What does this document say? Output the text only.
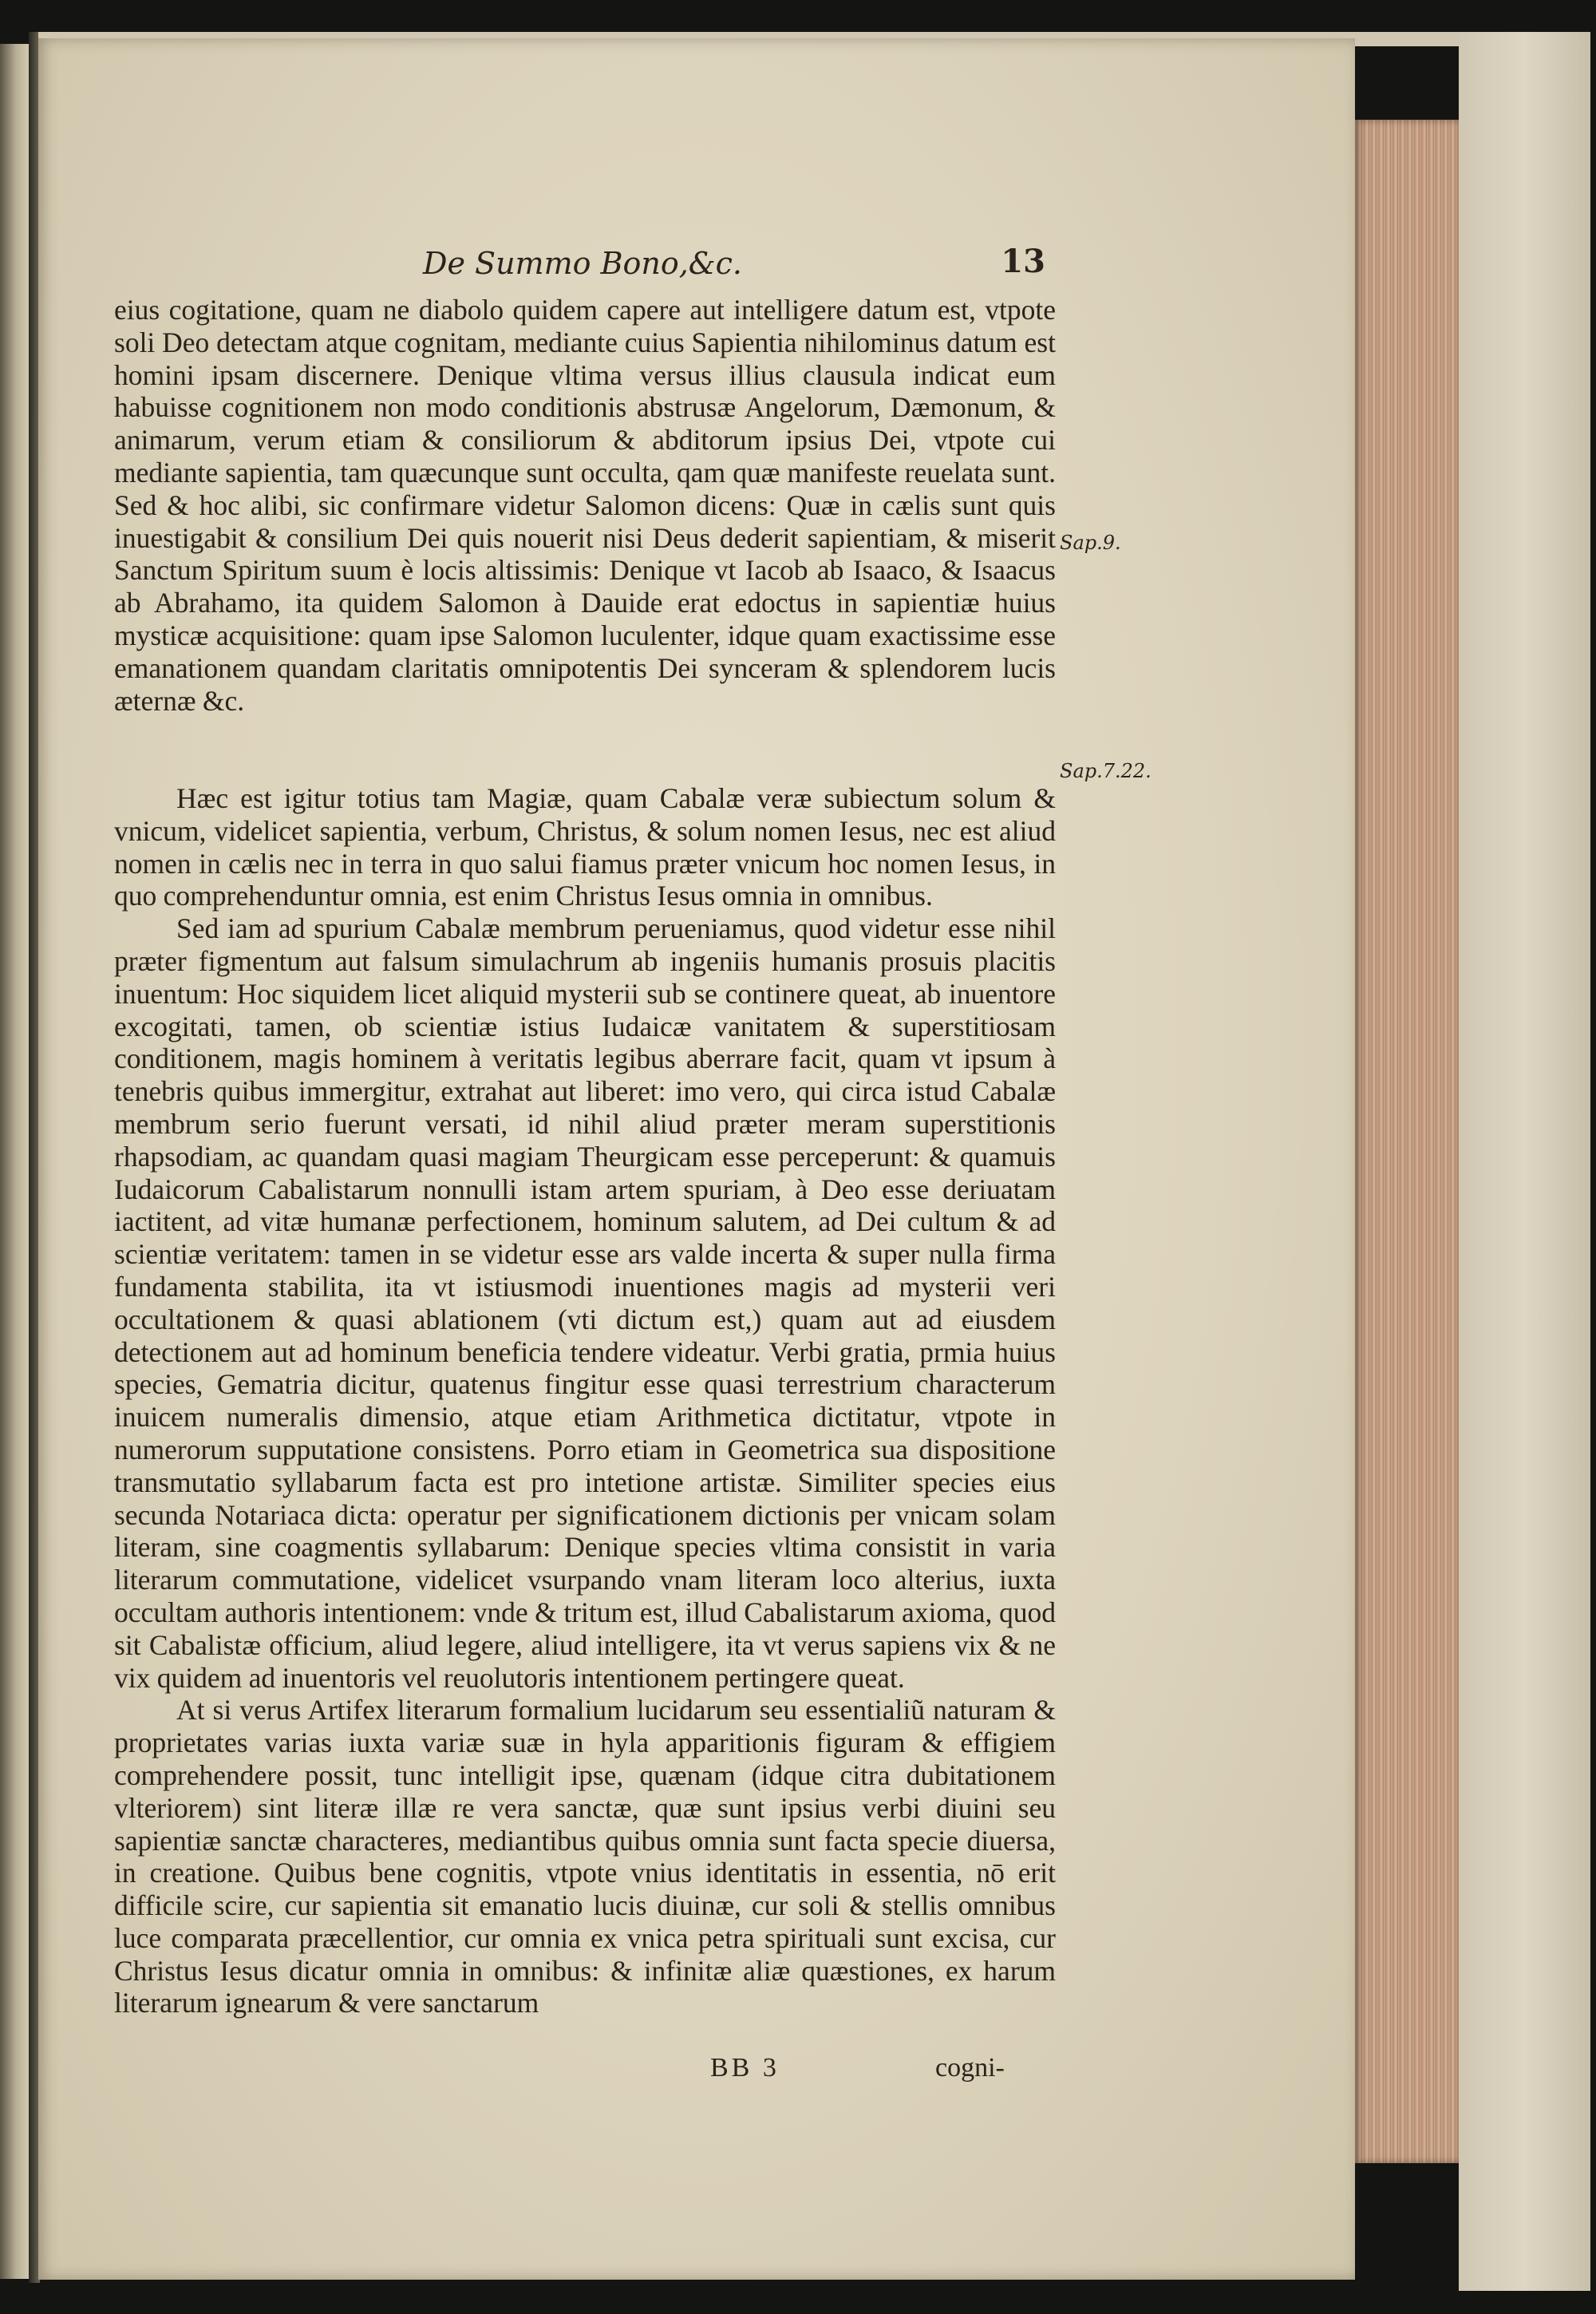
De Summo Bono,&c.	13

eius cogitatione, quam ne diabolo quidem capere aut intelligere datum est, vtpote soli Deo detectam atque cognitam, mediante cuius Sapientia nihilominus datum est homini ipsam discernere. Denique vltima versus illius clausula indicat eum habuisse cognitionem non modo conditionis abstrusæ Angelorum, Dæmonum, & animarum, verum etiam & consiliorum & abditorum ipsius Dei, vtpote cui mediante sapientia, tam quæcunque sunt occulta, qam quæ manifeste reuelata sunt. Sed & hoc alibi, sic confirmare videtur Salomon dicens: Quæ in cælis sunt quis inuestigabit & consilium Dei quis nouerit nisi Deus dederit sapientiam, & miserit Sanctum Spiritum suum è locis altissimis: Denique vt Iacob ab Isaaco, & Isaacus ab Abrahamo, ita quidem Salomon à Dauide erat edoctus in sapientiæ huius mysticæ acquisitione: quam ipse Salomon luculenter, idque quam exactissime esse emanationem quandam claritatis omnipotentis Dei synceram & splendorem lucis æternæ &c.

Hæc est igitur totius tam Magiæ, quam Cabalæ veræ subiectum solum & vnicum, videlicet sapientia, verbum, Christus, & solum nomen Iesus, nec est aliud nomen in cælis nec in terra in quo salui fiamus præter vnicum hoc nomen Iesus, in quo comprehenduntur omnia, est enim Christus Iesus omnia in omnibus.

Sed iam ad spurium Cabalæ membrum perueniamus, quod videtur esse nihil præter figmentum aut falsum simulachrum ab ingeniis humanis prosuis placitis inuentum: Hoc siquidem licet aliquid mysterii sub se continere queat, ab inuentore excogitati, tamen, ob scientiæ istius Iudaicæ vanitatem & superstitiosam conditionem, magis hominem à veritatis legibus aberrare facit, quam vt ipsum à tenebris quibus immergitur, extrahat aut liberet: imo vero, qui circa istud Cabalæ membrum serio fuerunt versati, id nihil aliud præter meram superstitionis rhapsodiam, ac quandam quasi magiam Theurgicam esse perceperunt: & quamuis Iudaicorum Cabalistarum nonnulli istam artem spuriam, à Deo esse deriuatam iactitent, ad vitæ humanæ perfectionem, hominum salutem, ad Dei cultum & ad scientiæ veritatem: tamen in se videtur esse ars valde incerta & super nulla firma fundamenta stabilita, ita vt istiusmodi inuentiones magis ad mysterii veri occultationem & quasi ablationem (vti dictum est,) quam aut ad eiusdem detectionem aut ad hominum beneficia tendere videatur. Verbi gratia, prmia huius species, Gematria dicitur, quatenus fingitur esse quasi terrestrium characterum inuicem numeralis dimensio, atque etiam Arithmetica dictitatur, vtpote in numerorum supputatione consistens. Porro etiam in Geometrica sua dispositione transmutatio syllabarum facta est pro intetione artistæ. Similiter species eius secunda Notariaca dicta: operatur per significationem dictionis per vnicam solam literam, sine coagmentis syllabarum: Denique species vltima consistit in varia literarum commutatione, videlicet vsurpando vnam literam loco alterius, iuxta occultam authoris intentionem: vnde & tritum est, illud Cabalistarum axioma, quod sit Cabalistæ officium, aliud legere, aliud intelligere, ita vt verus sapiens vix & ne vix quidem ad inuentoris vel reuolutoris intentionem pertingere queat.

At si verus Artifex literarum formalium lucidarum seu essentialiũ naturam & proprietates varias iuxta variæ suæ in hyla apparitionis figuram & effigiem comprehendere possit, tunc intelligit ipse, quænam (idque citra dubitationem vlteriorem) sint literæ illæ re vera sanctæ, quæ sunt ipsius verbi diuini seu sapientiæ sanctæ characteres, mediantibus quibus omnia sunt facta specie diuersa, in creatione. Quibus bene cognitis, vtpote vnius identitatis in essentia, nō erit difficile scire, cur sapientia sit emanatio lucis diuinæ, cur soli & stellis omnibus luce comparata præcellentior, cur omnia ex vnica petra spirituali sunt excisa, cur Christus Iesus dicatur omnia in omnibus: & infinitæ aliæ quæstiones, ex harum literarum ignearum & vere sanctarum

Sap.9.
Sap.7.22.
BB 3	cogni-
